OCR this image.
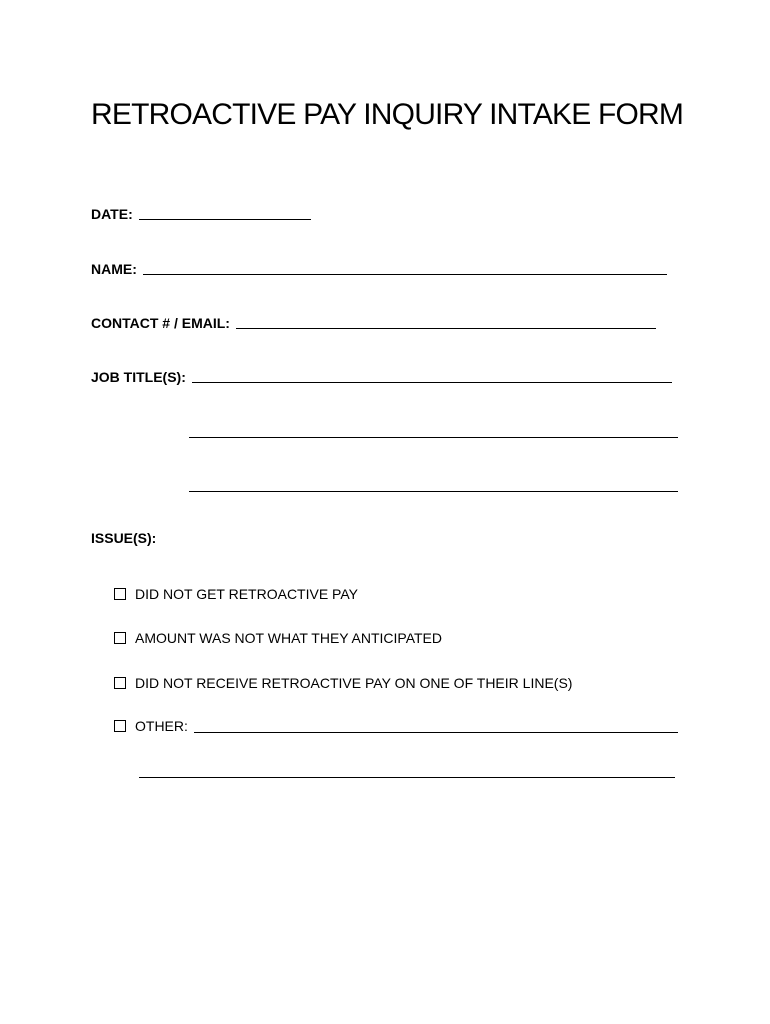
RETROACTIVE PAY INQUIRY INTAKE FORM
DATE:
NAME:
CONTACT # / EMAIL:
JOB TITLE(S):
ISSUE(S):
DID NOT GET RETROACTIVE PAY
AMOUNT WAS NOT WHAT THEY ANTICIPATED
DID NOT RECEIVE RETROACTIVE PAY ON ONE OF THEIR LINE(S)
OTHER:
